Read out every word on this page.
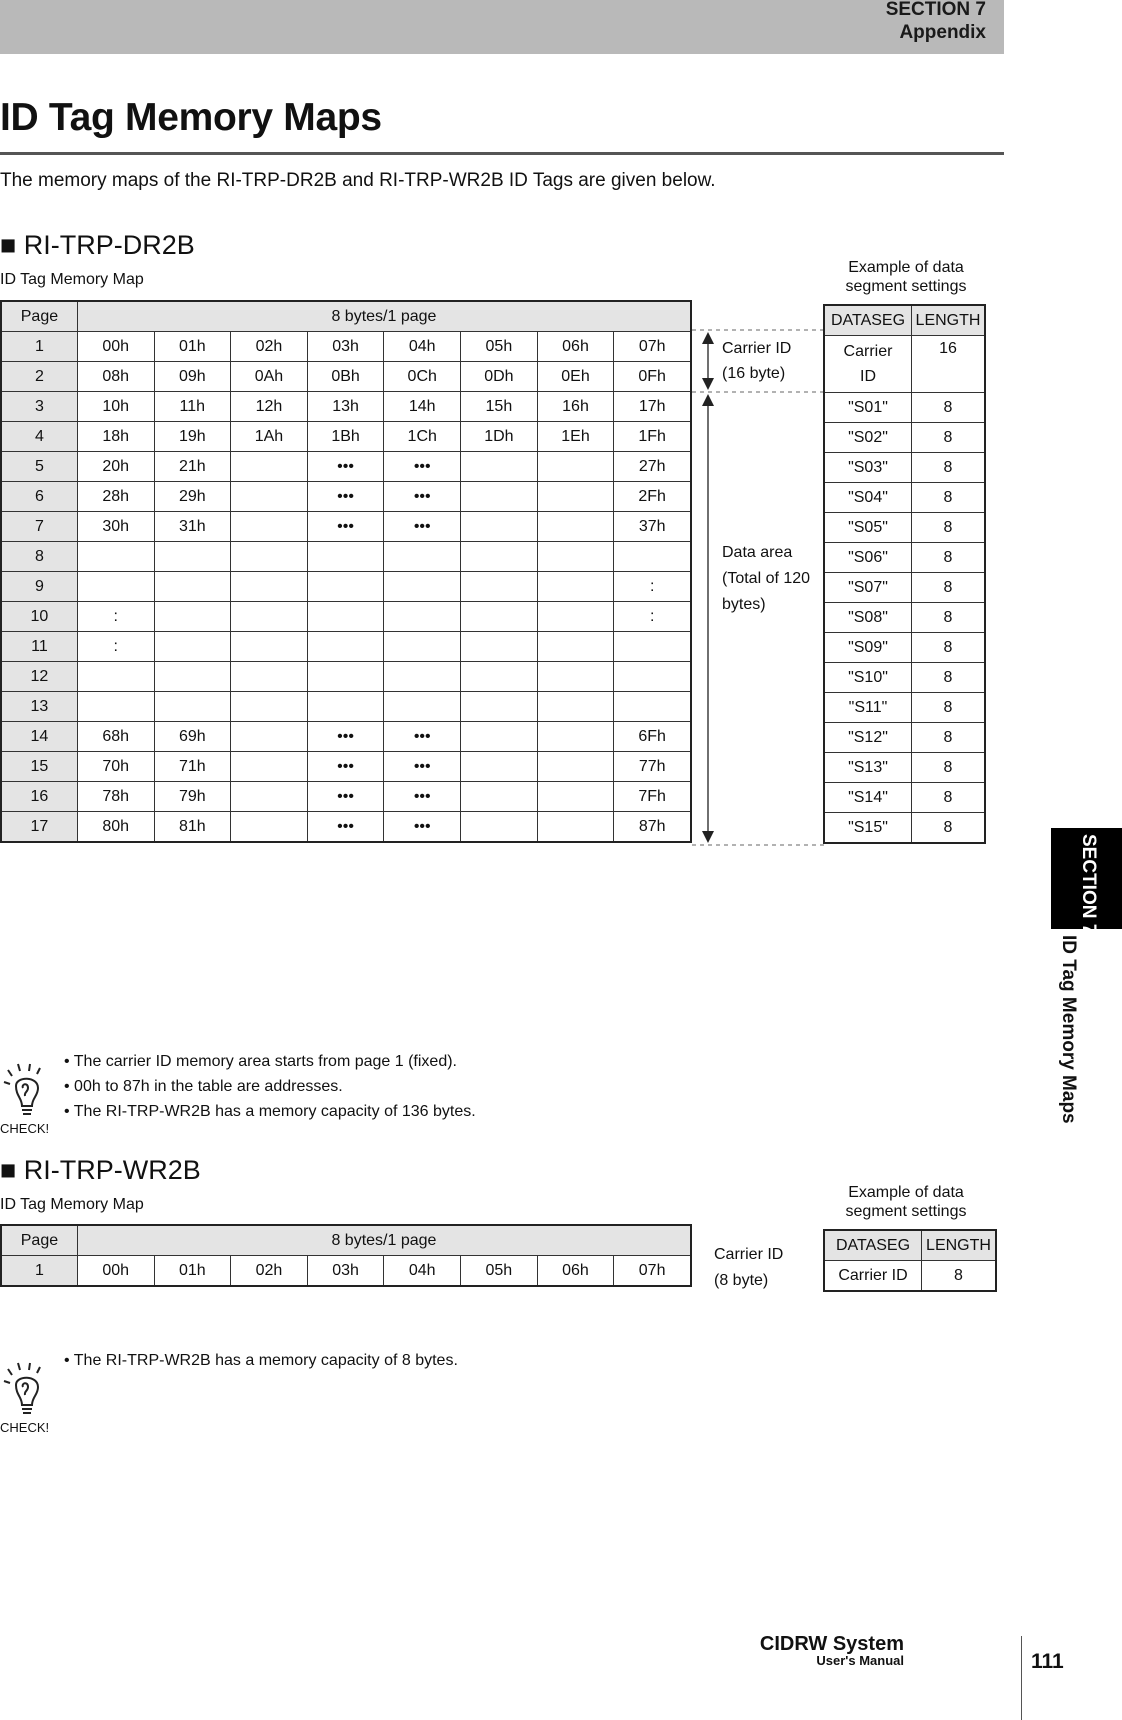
SECTION 7
Appendix
ID Tag Memory Maps
The memory maps of the RI-TRP-DR2B and RI-TRP-WR2B ID Tags are given below.
■ RI-TRP-DR2B
ID Tag Memory Map
Example of data
segment settings
Page	8 bytes/1 page							
1	00h	01h	02h	03h	04h	05h	06h	07h
2	08h	09h	0Ah	0Bh	0Ch	0Dh	0Eh	0Fh
3	10h	11h	12h	13h	14h	15h	16h	17h
4	18h	19h	1Ah	1Bh	1Ch	1Dh	1Eh	1Fh
5	20h	21h		•••	•••			27h
6	28h	29h		•••	•••			2Fh
7	30h	31h		•••	•••			37h
8								
9								:
10	:							:
11	:							
12								
13								
14	68h	69h		•••	•••			6Fh
15	70h	71h		•••	•••			77h
16	78h	79h		•••	•••			7Fh
17	80h	81h		•••	•••			87h
Carrier ID
(16 byte)
Data area
(Total of 120
bytes)
DATASEG	LENGTH

Carrier
ID	16
"S01"	8
"S02"	8
"S03"	8
"S04"	8
"S05"	8
"S06"	8
"S07"	8
"S08"	8
"S09"	8
"S10"	8
"S11"	8
"S12"	8
"S13"	8
"S14"	8
"S15"	8
CHECK!
• The carrier ID memory area starts from page 1 (fixed).
• 00h to 87h in the table are addresses.
• The RI-TRP-WR2B has a memory capacity of 136 bytes.
■ RI-TRP-WR2B
ID Tag Memory Map
Example of data
segment settings
Page	8 bytes/1 page							
1	00h	01h	02h	03h	04h	05h	06h	07h
Carrier ID
(8 byte)
DATASEG	LENGTH
Carrier ID	8
CHECK!
• The RI-TRP-WR2B has a memory capacity of 8 bytes.
SECTION 7
ID Tag Memory Maps
CIDRW System
User's Manual	111
